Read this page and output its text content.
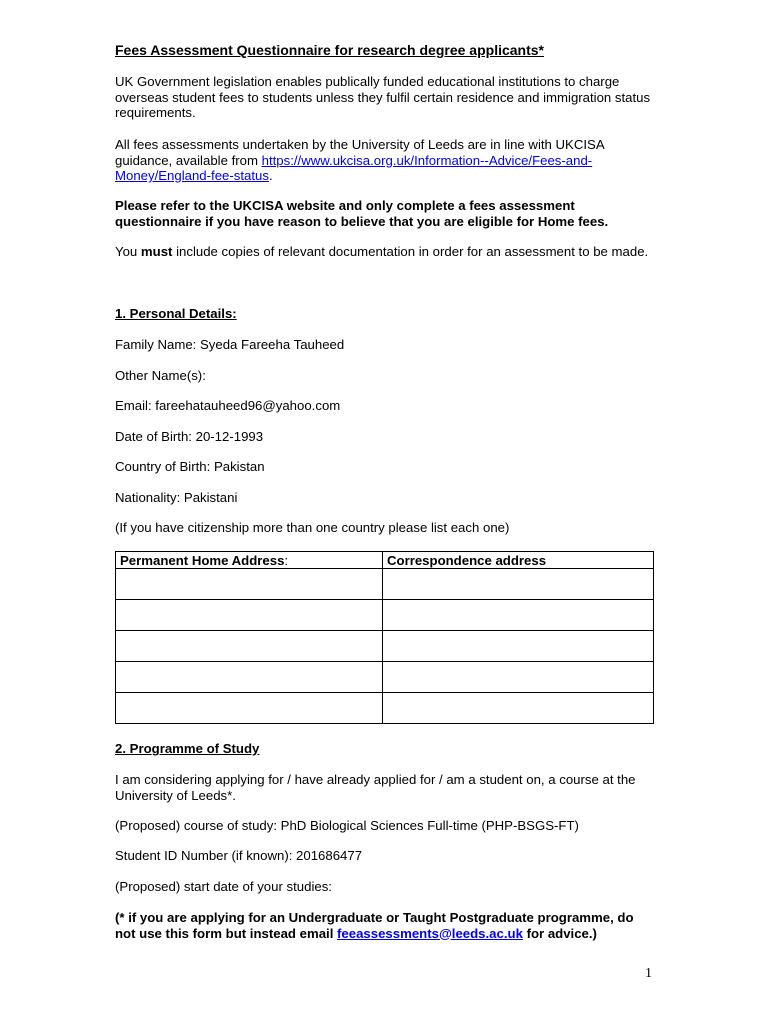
Fees Assessment Questionnaire for research degree applicants*

UK Government legislation enables publically funded educational institutions to charge overseas student fees to students unless they fulfil certain residence and immigration status requirements.

All fees assessments undertaken by the University of Leeds are in line with UKCISA guidance, available from https://www.ukcisa.org.uk/Information--Advice/Fees-and-Money/England-fee-status.

Please refer to the UKCISA website and only complete a fees assessment questionnaire if you have reason to believe that you are eligible for Home fees.

You must include copies of relevant documentation in order for an assessment to be made.

1. Personal Details:
Family Name: Syeda Fareeha Tauheed
Other Name(s):
Email: fareehatauheed96@yahoo.com
Date of Birth: 20-12-1993
Country of Birth: Pakistan
Nationality: Pakistani
(If you have citizenship more than one country please list each one)
Permanent Home Address:	Correspondence address

2. Programme of Study

I am considering applying for / have already applied for / am a student on, a course at the University of Leeds*.

(Proposed) course of study: PhD Biological Sciences Full-time (PHP-BSGS-FT)
Student ID Number (if known): 201686477
(Proposed) start date of your studies:

(* if you are applying for an Undergraduate or Taught Postgraduate programme, do not use this form but instead email feeassessments@leeds.ac.uk for advice.)

1
